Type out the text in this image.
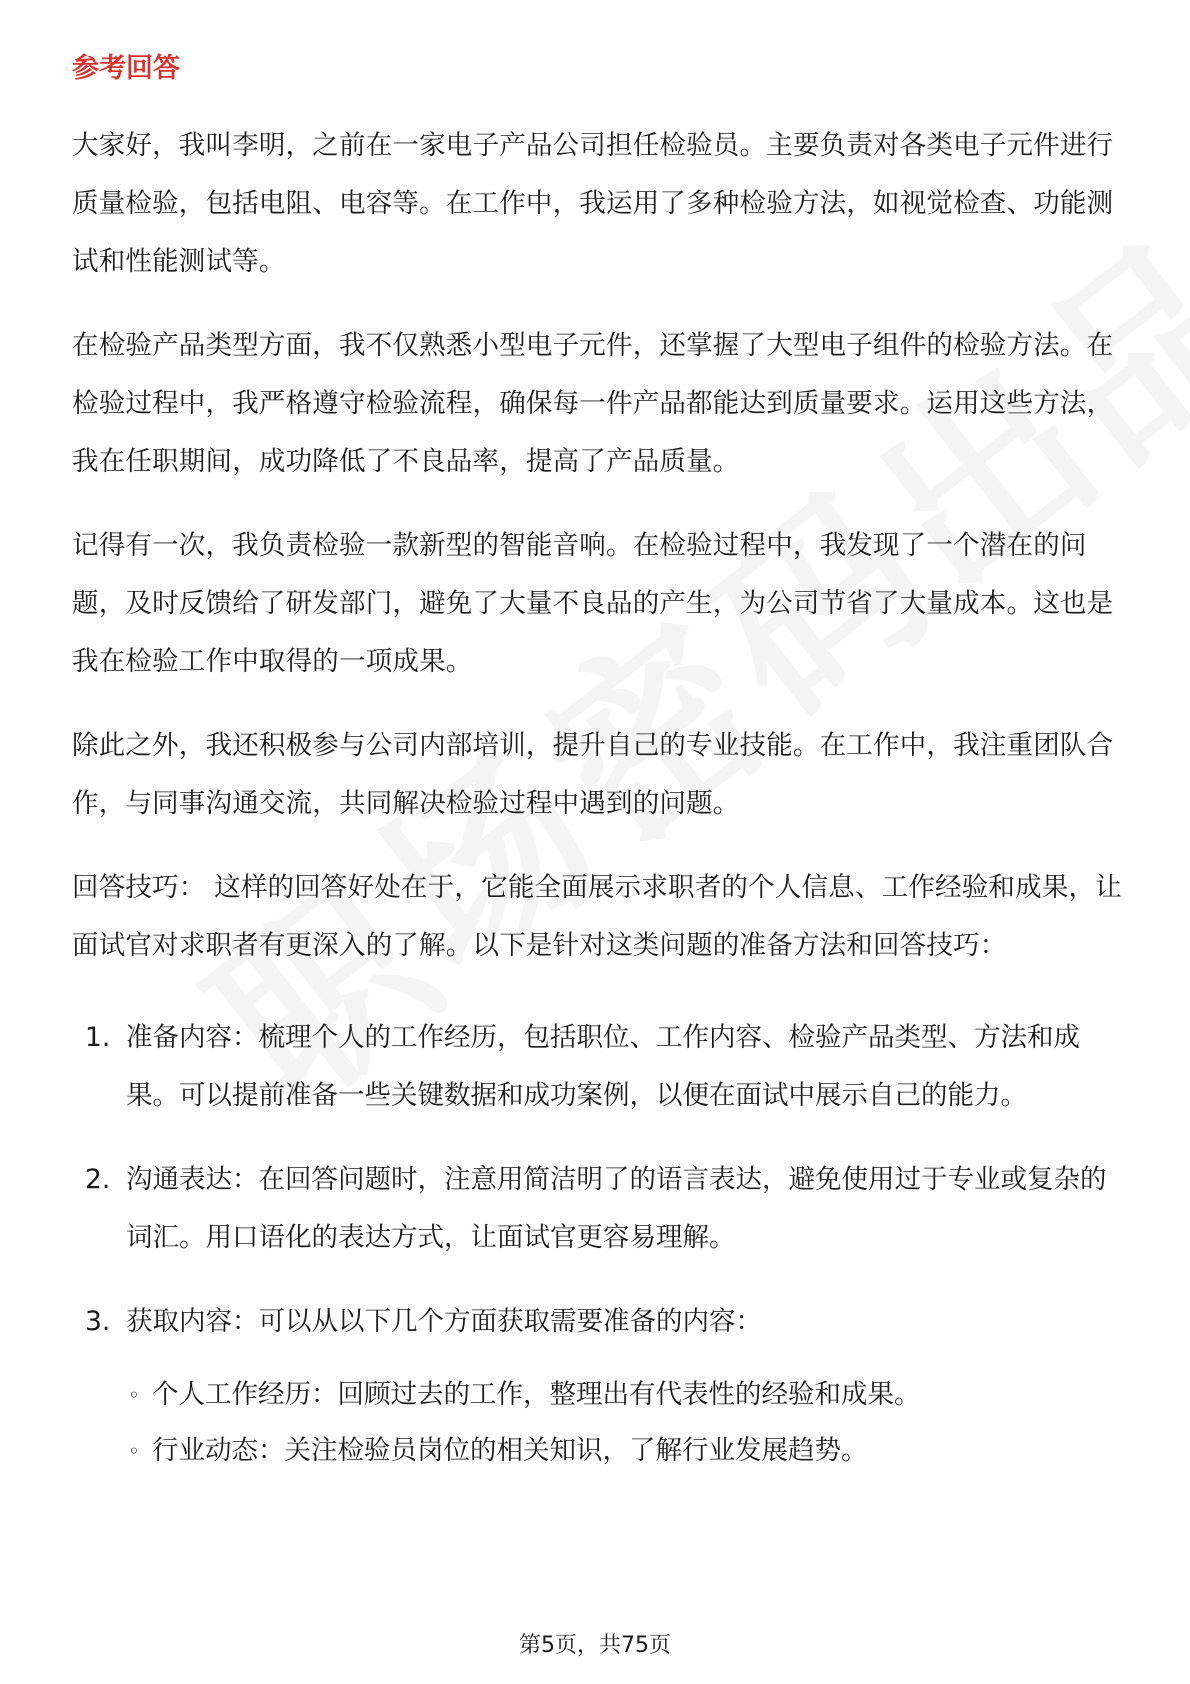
参考回答

大家好，我叫李明，之前在一家电子产品公司担任检验员。主要负责对各类电子元件进行质量检验，包括电阻、电容等。在工作中，我运用了多种检验方法，如视觉检查、功能测试和性能测试等。

在检验产品类型方面，我不仅熟悉小型电子元件，还掌握了大型电子组件的检验方法。在检验过程中，我严格遵守检验流程，确保每一件产品都能达到质量要求。运用这些方法，我在任职期间，成功降低了不良品率，提高了产品质量。

记得有一次，我负责检验一款新型的智能音响。在检验过程中，我发现了一个潜在的问题，及时反馈给了研发部门，避免了大量不良品的产生，为公司节省了大量成本。这也是我在检验工作中取得的一项成果。

除此之外，我还积极参与公司内部培训，提升自己的专业技能。在工作中，我注重团队合作，与同事沟通交流，共同解决检验过程中遇到的问题。

回答技巧： 这样的回答好处在于，它能全面展示求职者的个人信息、工作经验和成果，让面试官对求职者有更深入的了解。以下是针对这类问题的准备方法和回答技巧：

1. 准备内容：梳理个人的工作经历，包括职位、工作内容、检验产品类型、方法和成果。可以提前准备一些关键数据和成功案例，以便在面试中展示自己的能力。
2. 沟通表达：在回答问题时，注意用简洁明了的语言表达，避免使用过于专业或复杂的词汇。用口语化的表达方式，让面试官更容易理解。
3. 获取内容：可以从以下几个方面获取需要准备的内容：
◦ 个人工作经历：回顾过去的工作，整理出有代表性的经验和成果。
◦ 行业动态：关注检验员岗位的相关知识，了解行业发展趋势。
第5页，共75页
